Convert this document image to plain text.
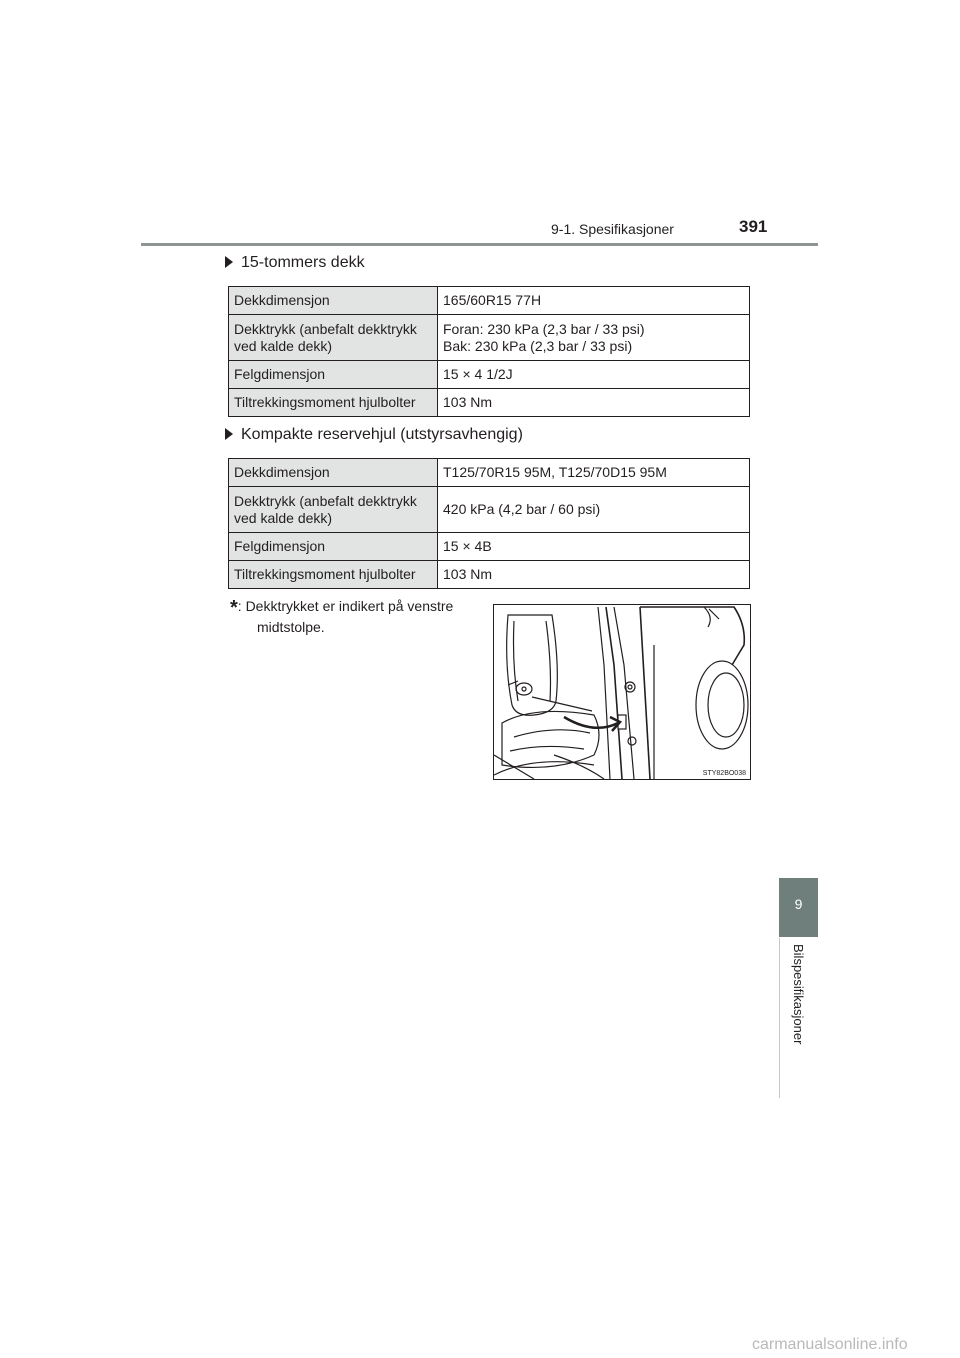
9-1. Spesifikasjoner	391
9
Bilspesifikasjoner
15-tommers dekk
Dekkdimensjon	165/60R15 77H
Dekktrykk (anbefalt dekktrykk ved kalde dekk)	Foran: 230 kPa (2,3 bar / 33 psi)
Bak: 230 kPa (2,3 bar / 33 psi)
Felgdimensjon	15 × 4 1/2J
Tiltrekkingsmoment hjulbolter	103 Nm
Kompakte reservehjul (utstyrsavhengig)
Dekkdimensjon	T125/70R15 95M, T125/70D15 95M
Dekktrykk (anbefalt dekktrykk ved kalde dekk)	420 kPa (4,2 bar / 60 psi)
Felgdimensjon	15 × 4B
Tiltrekkingsmoment hjulbolter	103 Nm
*: Dekktrykket er indikert på venstre
midtstolpe.
STY82BO038
carmanualsonline.info
